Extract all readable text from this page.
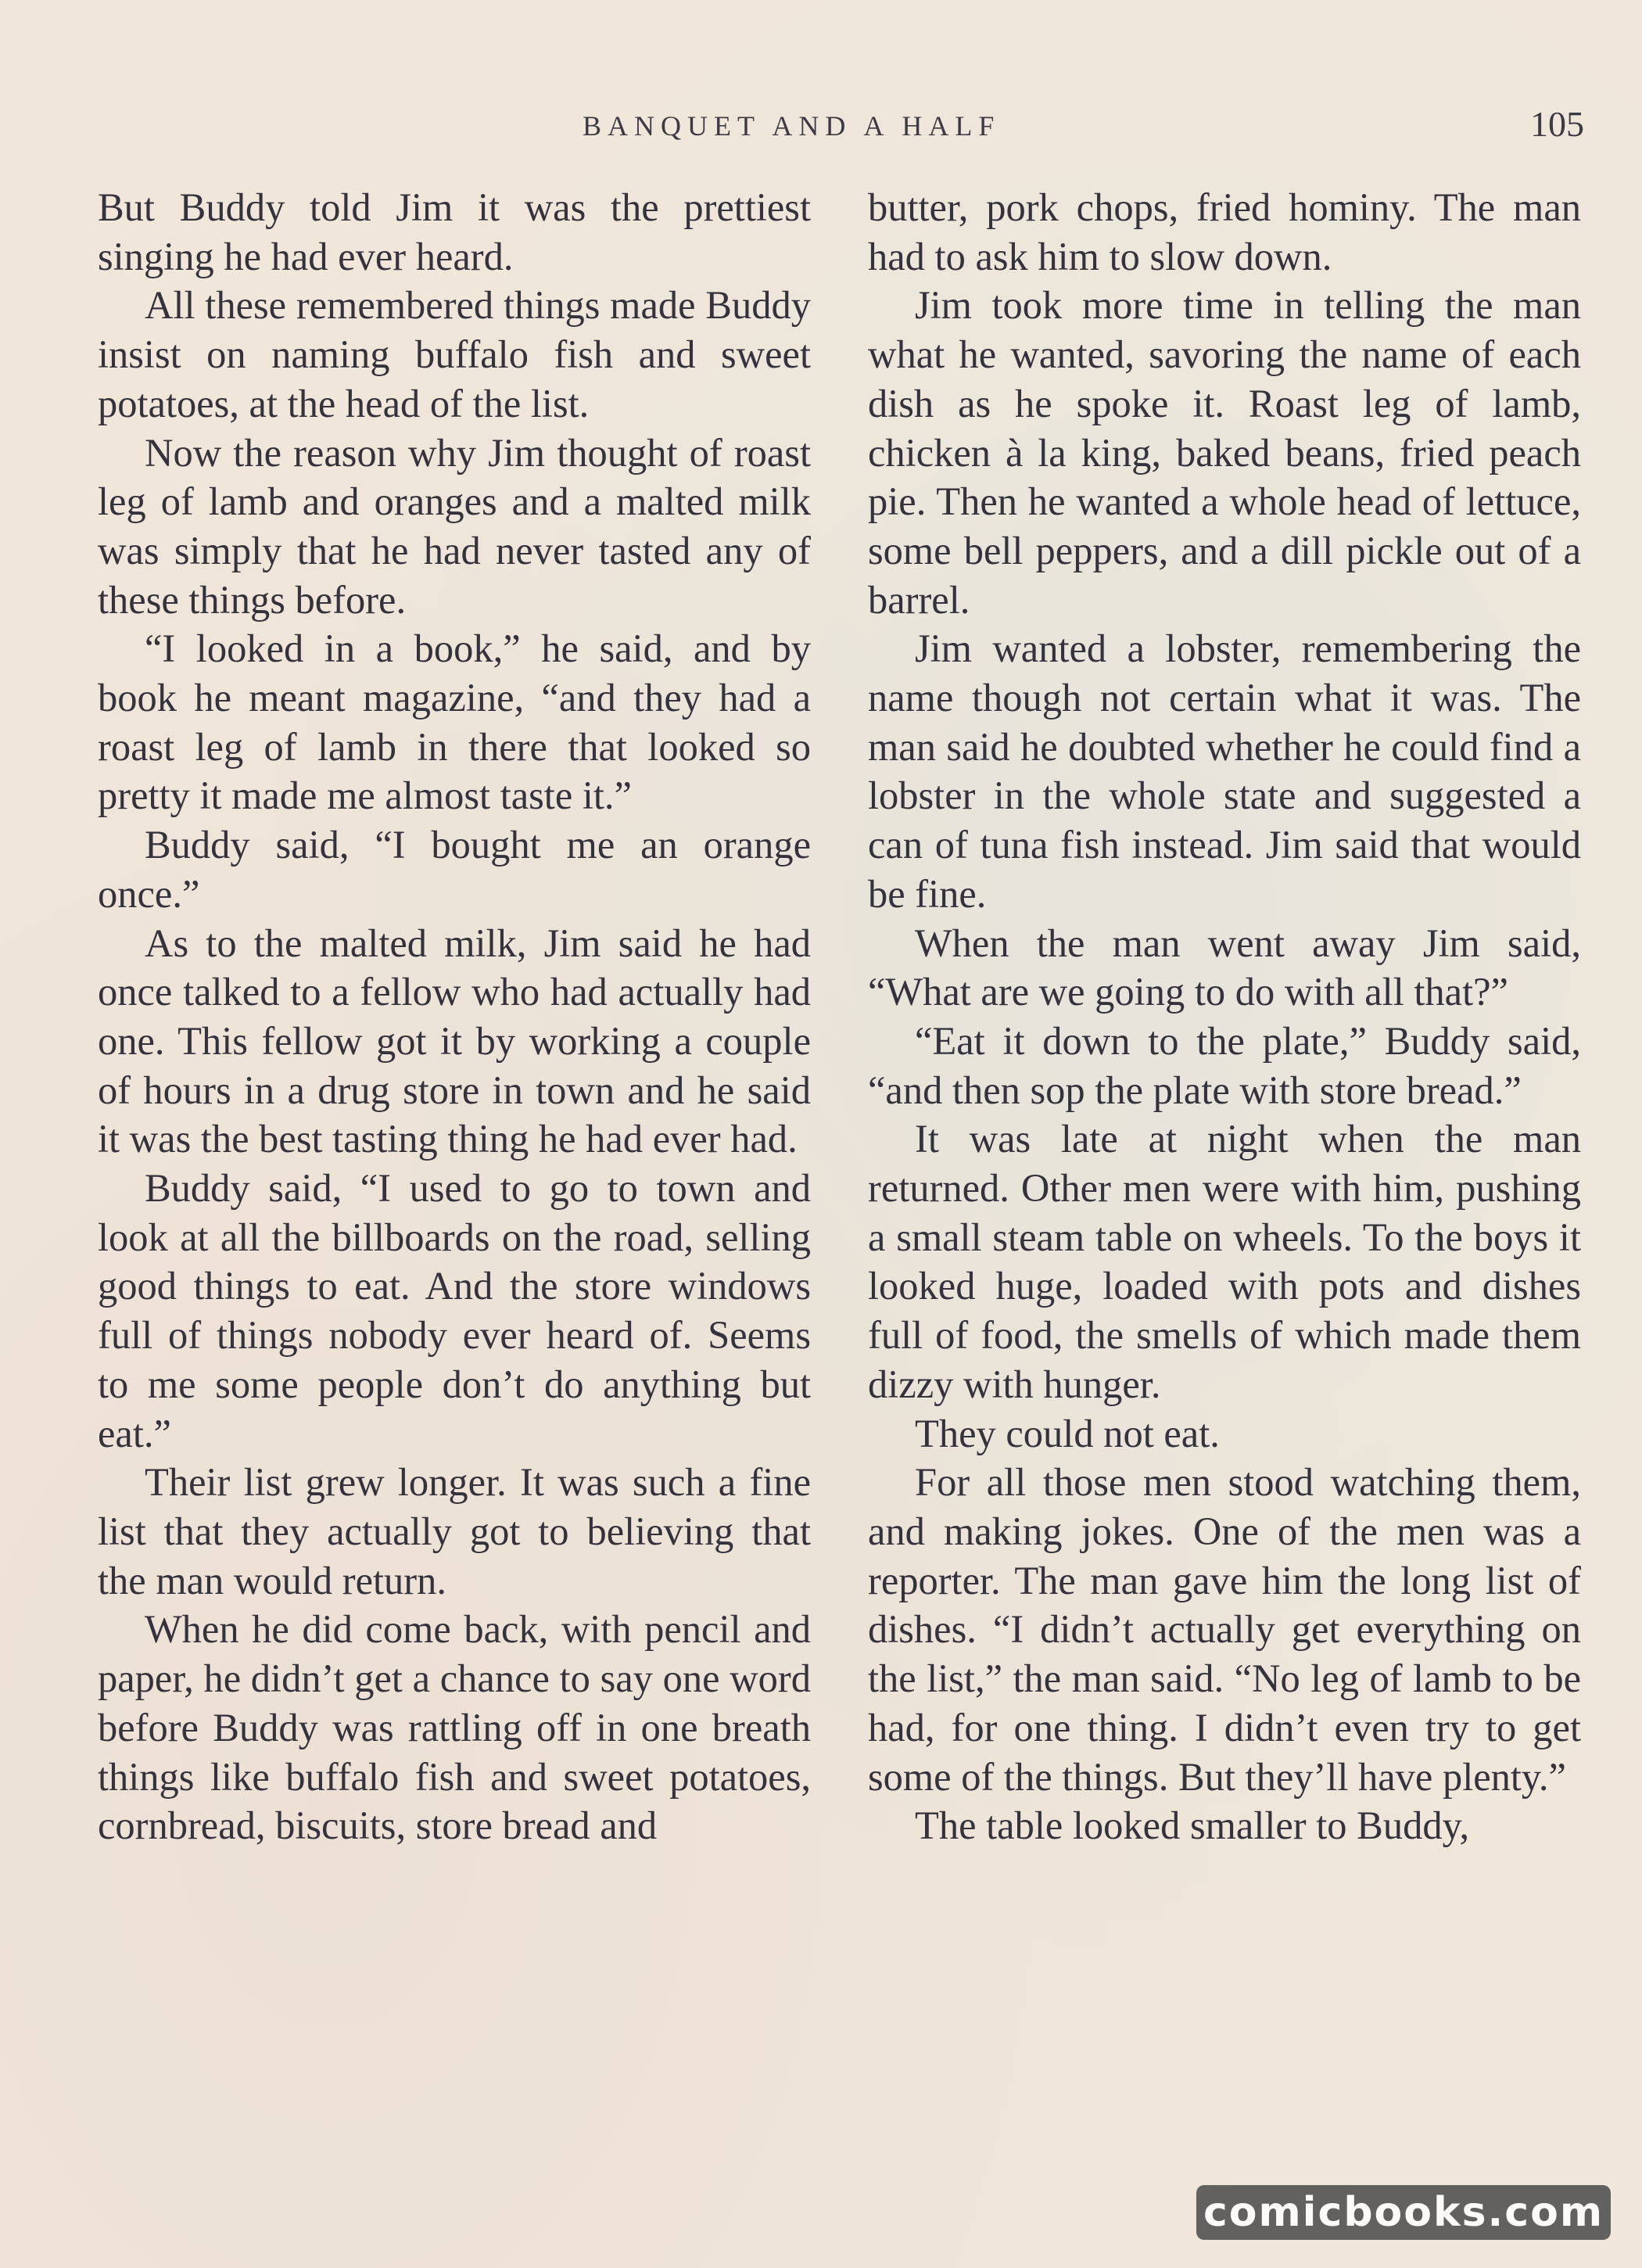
BANQUET AND A HALF	105

But Buddy told Jim it was the prettiest singing he had ever heard.

All these remembered things made Buddy insist on naming buffalo fish and sweet potatoes, at the head of the list.

Now the reason why Jim thought of roast leg of lamb and oranges and a malted milk was simply that he had never tasted any of these things before.

“I looked in a book,” he said, and by book he meant magazine, “and they had a roast leg of lamb in there that looked so pretty it made me almost taste it.”

Buddy said, “I bought me an orange once.”

As to the malted milk, Jim said he had once talked to a fellow who had actually had one. This fellow got it by working a couple of hours in a drug store in town and he said it was the best tasting thing he had ever had.

Buddy said, “I used to go to town and look at all the billboards on the road, selling good things to eat. And the store windows full of things nobody ever heard of. Seems to me some people don’t do anything but eat.”

Their list grew longer. It was such a fine list that they actually got to believing that the man would return.

When he did come back, with pencil and paper, he didn’t get a chance to say one word before Buddy was rattling off in one breath things like buffalo fish and sweet potatoes, cornbread, biscuits, store bread and

butter, pork chops, fried hominy. The man had to ask him to slow down.

Jim took more time in telling the man what he wanted, savoring the name of each dish as he spoke it. Roast leg of lamb, chicken à la king, baked beans, fried peach pie. Then he wanted a whole head of lettuce, some bell peppers, and a dill pickle out of a barrel.

Jim wanted a lobster, remembering the name though not certain what it was. The man said he doubted whether he could find a lobster in the whole state and suggested a can of tuna fish instead. Jim said that would be fine.

When the man went away Jim said, “What are we going to do with all that?”

“Eat it down to the plate,” Buddy said, “and then sop the plate with store bread.”

It was late at night when the man returned. Other men were with him, pushing a small steam table on wheels. To the boys it looked huge, loaded with pots and dishes full of food, the smells of which made them dizzy with hunger.

They could not eat.

For all those men stood watching them, and making jokes. One of the men was a reporter. The man gave him the long list of dishes. “I didn’t actually get everything on the list,” the man said. “No leg of lamb to be had, for one thing. I didn’t even try to get some of the things. But they’ll have plenty.”

The table looked smaller to Buddy,

comicbooks.com
